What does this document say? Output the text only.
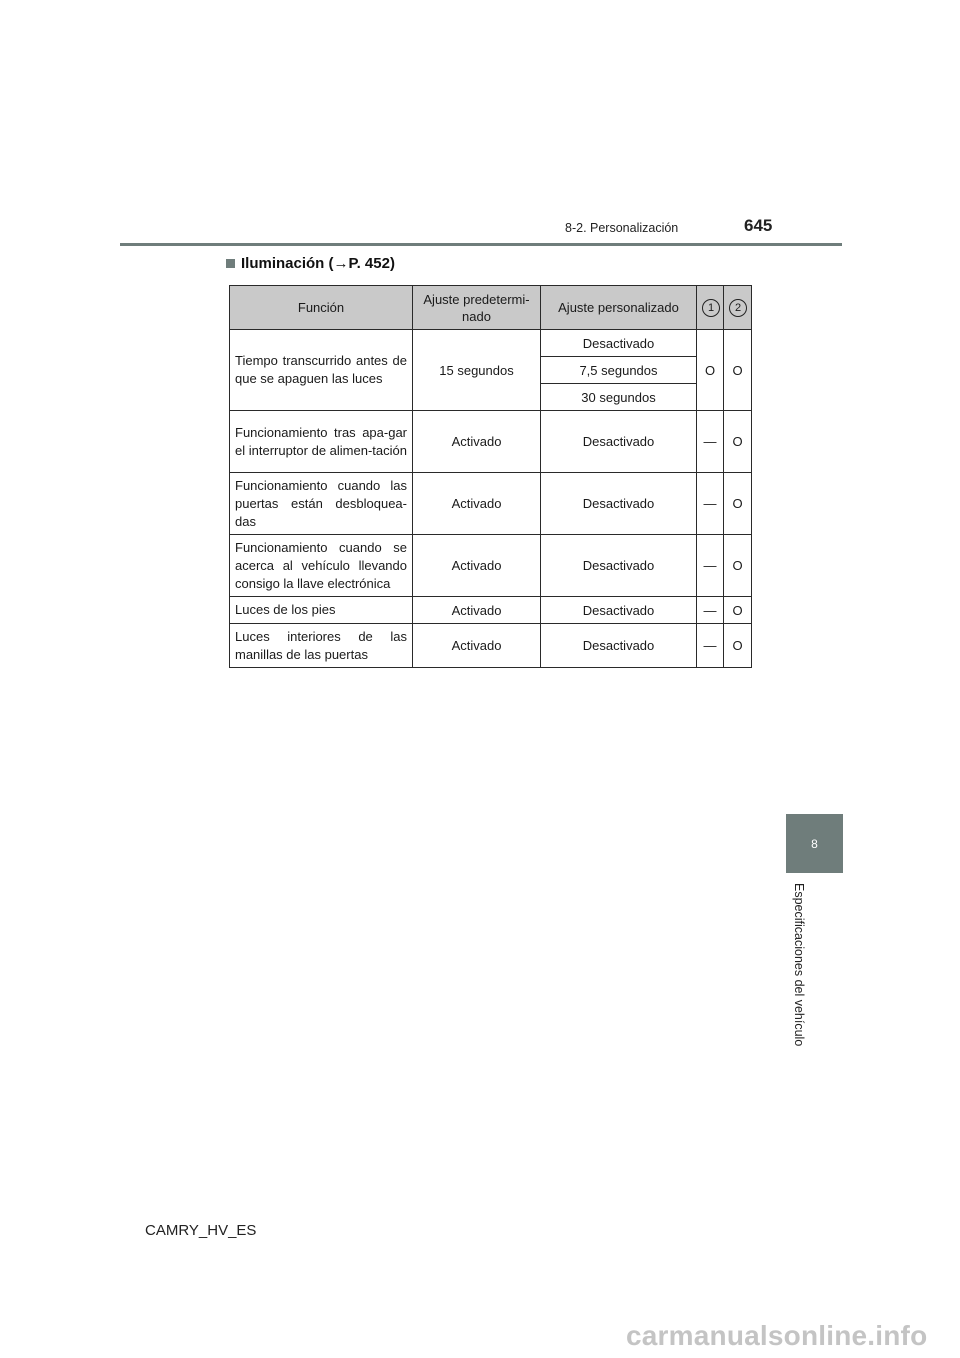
8-2. Personalización	645
Iluminación ( → P. 452)
Función	Ajuste predetermi-nado	Ajuste personalizado	1	2
Tiempo transcurrido antes de que se apaguen las luces	15 segundos	Desactivado	O	O
		7,5 segundos		
		30 segundos		
Funcionamiento tras apa-gar el interruptor de alimen-tación	Activado	Desactivado	—	O
Funcionamiento cuando las puertas están desbloquea-das	Activado	Desactivado	—	O
Funcionamiento cuando se acerca al vehículo llevando consigo la llave electrónica	Activado	Desactivado	—	O
Luces de los pies	Activado	Desactivado	—	O
Luces interiores de las manillas de las puertas	Activado	Desactivado	—	O
8
Especificaciones del vehículo
CAMRY_HV_ES
carmanualsonline.info
